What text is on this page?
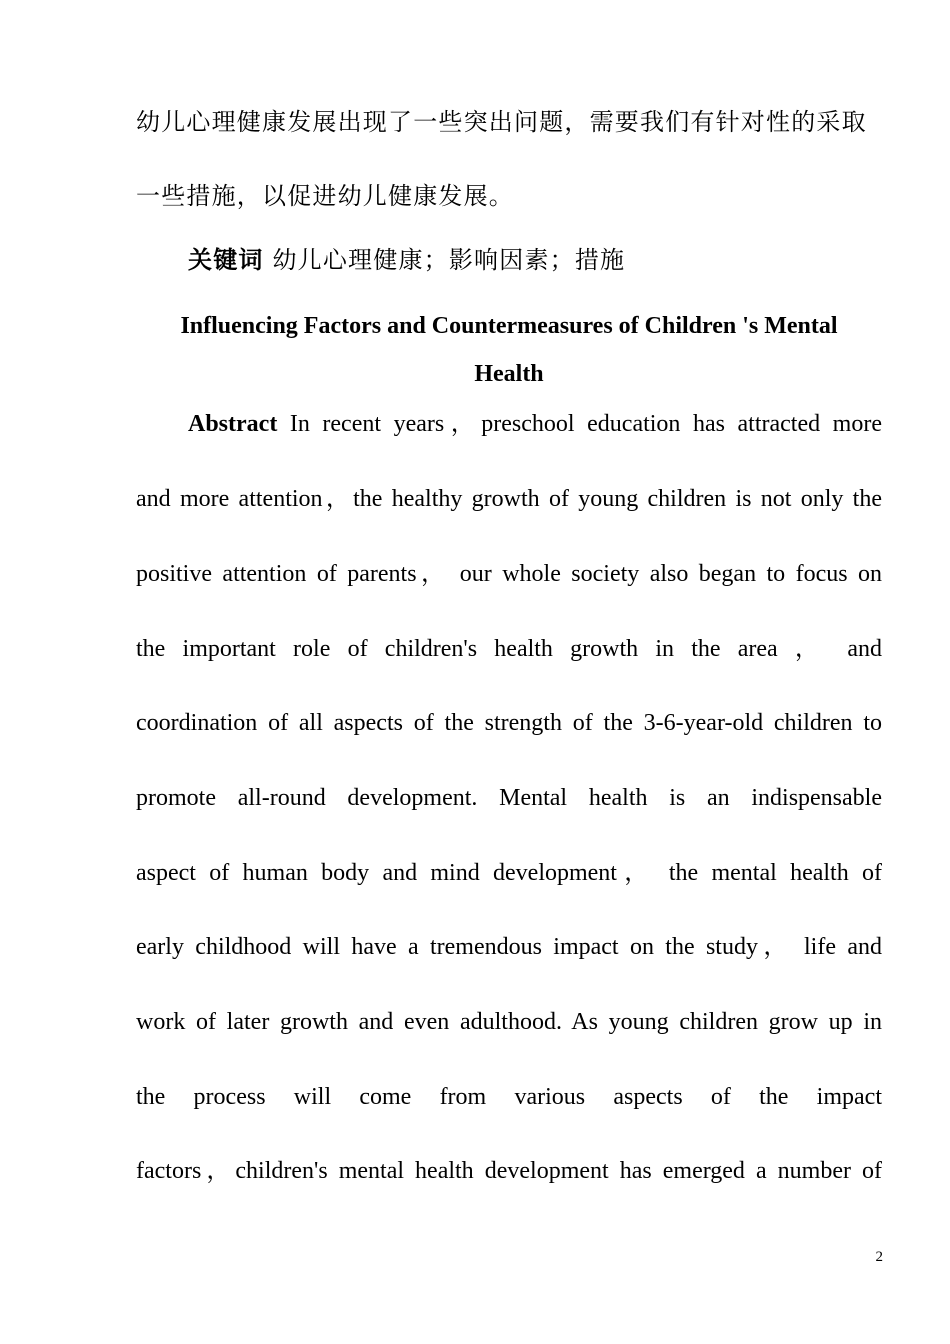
幼儿心理健康发展出现了一些突出问题，需要我们有针对性的采取
一些措施，以促进幼儿健康发展。
关键词 幼儿心理健康；影响因素；措施
Influencing Factors and Countermeasures of Children 's Mental
Health
Abstract In recent years，preschool education has attracted more
and more attention，the healthy growth of young children is not only the
positive attention of parents， our whole society also began to focus on
the important role of children's health growth in the area ， and
coordination of all aspects of the strength of the 3-6-year-old children to
promote all-round development. Mental health is an indispensable
aspect of human body and mind development， the mental health of
early childhood will have a tremendous impact on the study， life and
work of later growth and even adulthood. As young children grow up in
the process will come from various aspects of the impact
factors，children's mental health development has emerged a number of
2
